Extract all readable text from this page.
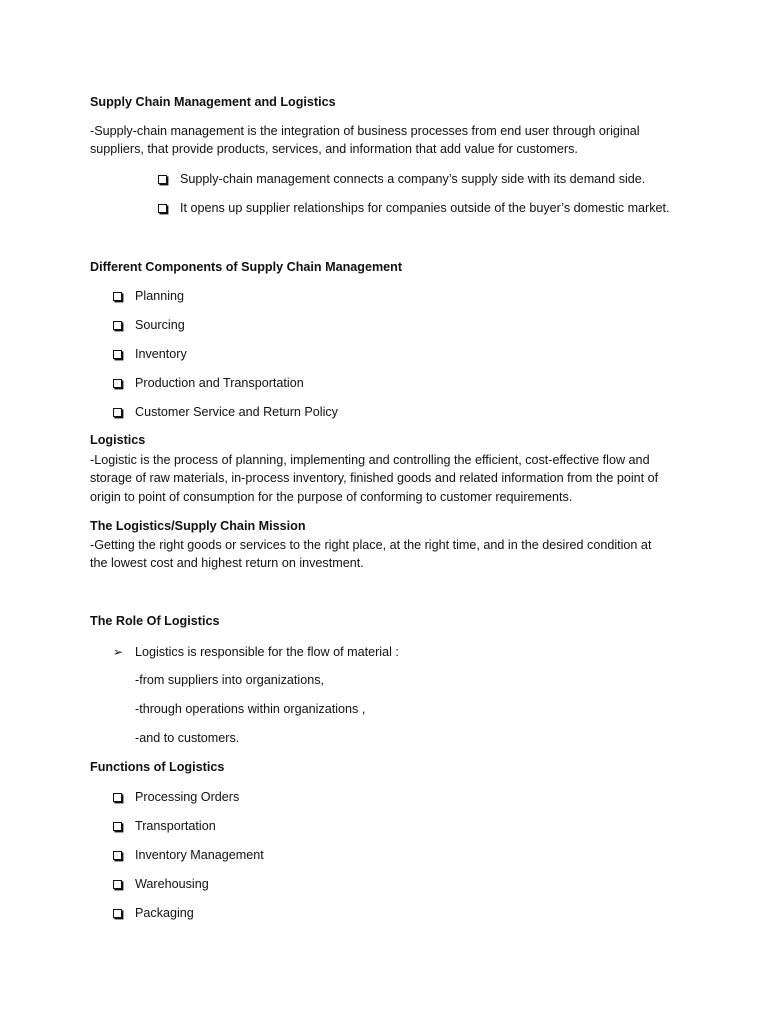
Supply Chain Management and Logistics
-Supply-chain management is the integration of business processes from end user through original
suppliers, that provide products, services, and information that add value for customers.
Supply-chain management connects a company’s supply side with its demand side.
It opens up supplier relationships for companies outside of the buyer’s domestic market.
Different Components of Supply Chain Management
Planning
Sourcing
Inventory
Production and Transportation
Customer Service and Return Policy
Logistics
-Logistic is the process of planning, implementing and controlling the efficient, cost-effective flow and
storage of raw materials, in-process inventory, finished goods and related information from the point of
origin to point of consumption for the purpose of conforming to customer requirements.
The Logistics/Supply Chain Mission
-Getting the right goods or services to the right place, at the right time, and in the desired condition at
the lowest cost and highest return on investment.
The Role Of Logistics
➢ Logistics is responsible for the flow of material :
-from suppliers into organizations,
-through operations within organizations ,
-and to customers.
Functions of Logistics
Processing Orders
Transportation
Inventory Management
Warehousing
Packaging
